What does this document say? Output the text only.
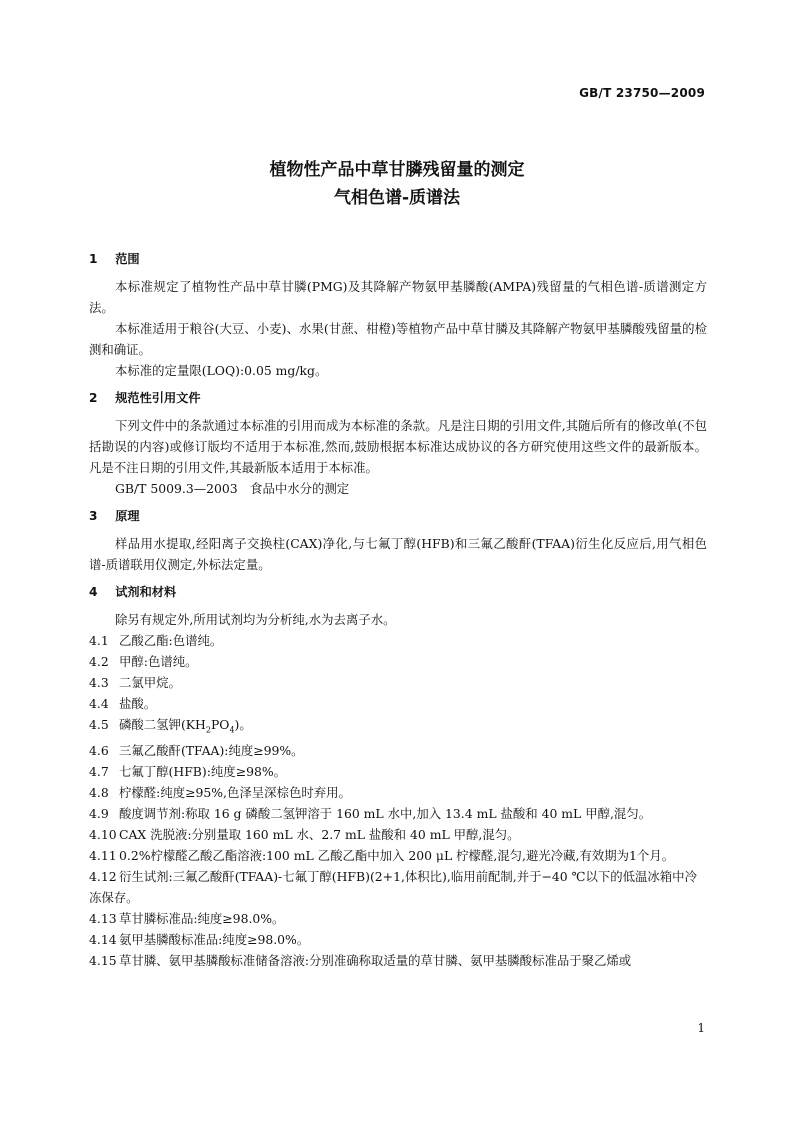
GB/T 23750—2009
植物性产品中草甘膦残留量的测定
气相色谱-质谱法
1 范围

本标准规定了植物性产品中草甘膦(PMG)及其降解产物氨甲基膦酸(AMPA)残留量的气相色谱-质谱测定方法。

本标准适用于粮谷(大豆、小麦)、水果(甘蔗、柑橙)等植物产品中草甘膦及其降解产物氨甲基膦酸残留量的检测和确证。

本标准的定量限(LOQ):0.05 mg/kg。

2 规范性引用文件

下列文件中的条款通过本标准的引用而成为本标准的条款。凡是注日期的引用文件,其随后所有的修改单(不包括勘误的内容)或修订版均不适用于本标准,然而,鼓励根据本标准达成协议的各方研究使用这些文件的最新版本。凡是不注日期的引用文件,其最新版本适用于本标准。

GB/T 5009.3—2003　食品中水分的测定

3 原理

样品用水提取,经阳离子交换柱(CAX)净化,与七氟丁醇(HFB)和三氟乙酸酐(TFAA)衍生化反应后,用气相色谱-质谱联用仪测定,外标法定量。

4 试剂和材料

除另有规定外,所用试剂均为分析纯,水为去离子水。

4.1 乙酸乙酯:色谱纯。

4.2 甲醇:色谱纯。

4.3 二氯甲烷。

4.4 盐酸。

4.5 磷酸二氢钾$(KH_2PO_4)$。

4.6 三氟乙酸酐(TFAA):纯度≥99%。

4.7 七氟丁醇(HFB):纯度≥98%。

4.8 柠檬醛:纯度≥95%,色泽呈深棕色时弃用。

4.9 酸度调节剂:称取 16 g 磷酸二氢钾溶于 160 mL 水中,加入 13.4 mL 盐酸和 40 mL 甲醇,混匀。

4.10 CAX 洗脱液:分别量取 160 mL 水、2.7 mL 盐酸和 40 mL 甲醇,混匀。

4.11 0.2%柠檬醛乙酸乙酯溶液:100 mL 乙酸乙酯中加入 200 μL 柠檬醛,混匀,避光冷藏,有效期为1个月。

4.12 衍生试剂:三氟乙酸酐(TFAA)-七氟丁醇(HFB)(2+1,体积比),临用前配制,并于−40 ℃以下的低温冰箱中冷冻保存。

4.13 草甘膦标准品:纯度≥98.0%。

4.14 氨甲基膦酸标准品:纯度≥98.0%。

4.15 草甘膦、氨甲基膦酸标准储备溶液:分别准确称取适量的草甘膦、氨甲基膦酸标准品于聚乙烯或

1
